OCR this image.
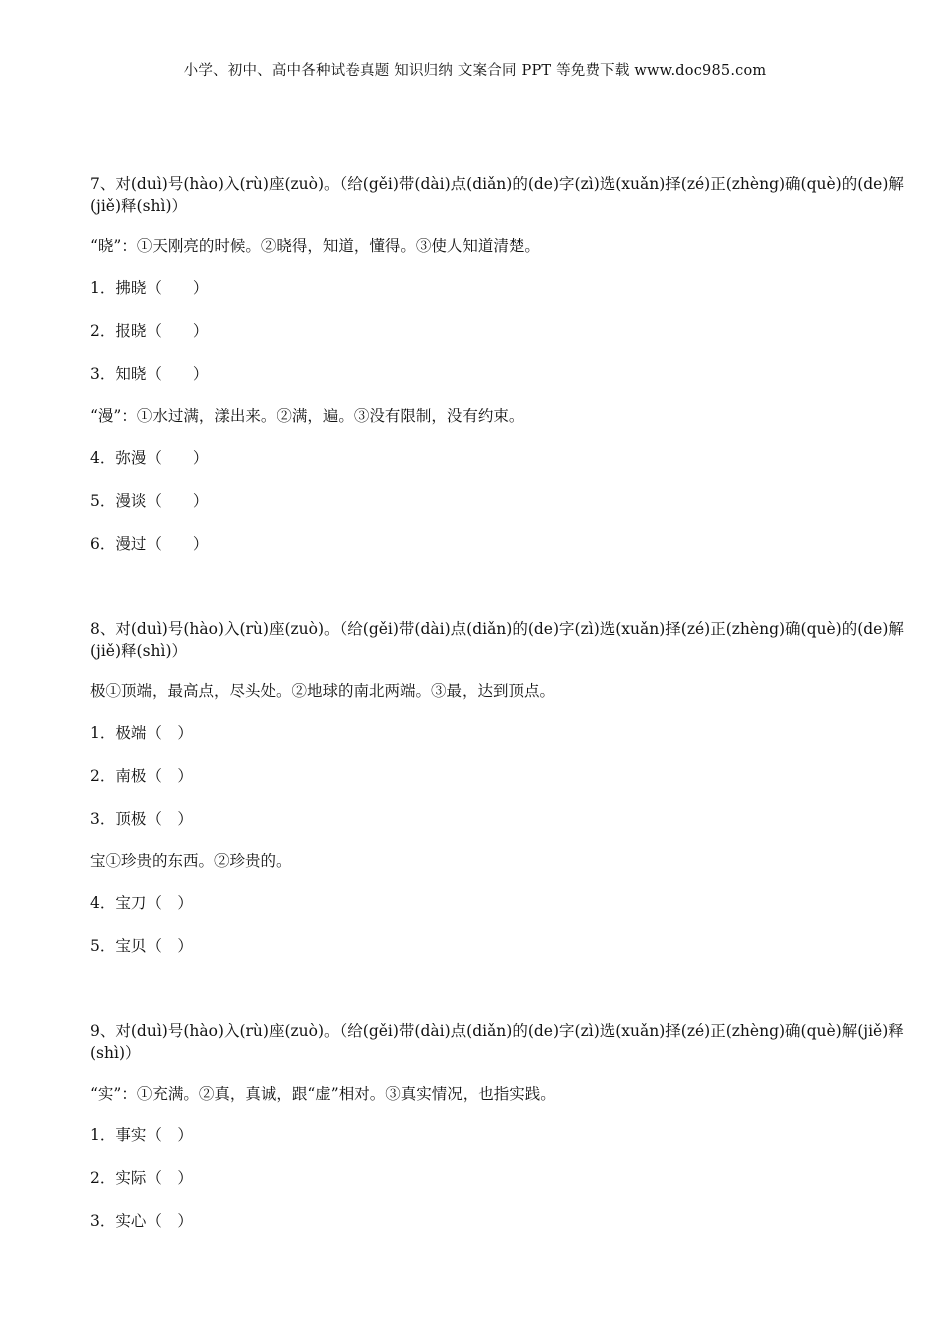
小学、初中、高中各种试卷真题 知识归纳 文案合同 PPT 等免费下载 www.doc985.com
7、对(duì)号(hào)入(rù)座(zuò)。（给(gěi)带(dài)点(diǎn)的(de)字(zì)选(xuǎn)择(zé)正(zhèng)确(què)的(de)解
(jiě)释(shì)）
“晓”：①天刚亮的时候。②晓得，知道，懂得。③使人知道清楚。
1．拂晓（　　）
2．报晓（　　）
3．知晓（　　）
“漫”：①水过满，漾出来。②满，遍。③没有限制，没有约束。
4．弥漫（　　）
5．漫谈（　　）
6．漫过（　　）
8、对(duì)号(hào)入(rù)座(zuò)。（给(gěi)带(dài)点(diǎn)的(de)字(zì)选(xuǎn)择(zé)正(zhèng)确(què)的(de)解
(jiě)释(shì)）
极①顶端，最高点，尽头处。②地球的南北两端。③最，达到顶点。
1．极端（　）
2．南极（　）
3．顶极（　）
宝①珍贵的东西。②珍贵的。
4．宝刀（　）
5．宝贝（　）
9、对(duì)号(hào)入(rù)座(zuò)。（给(gěi)带(dài)点(diǎn)的(de)字(zì)选(xuǎn)择(zé)正(zhèng)确(què)解(jiě)释
(shì)）
“实”：①充满。②真，真诚，跟“虚”相对。③真实情况，也指实践。
1．事实（　）
2．实际（　）
3．实心（　）
